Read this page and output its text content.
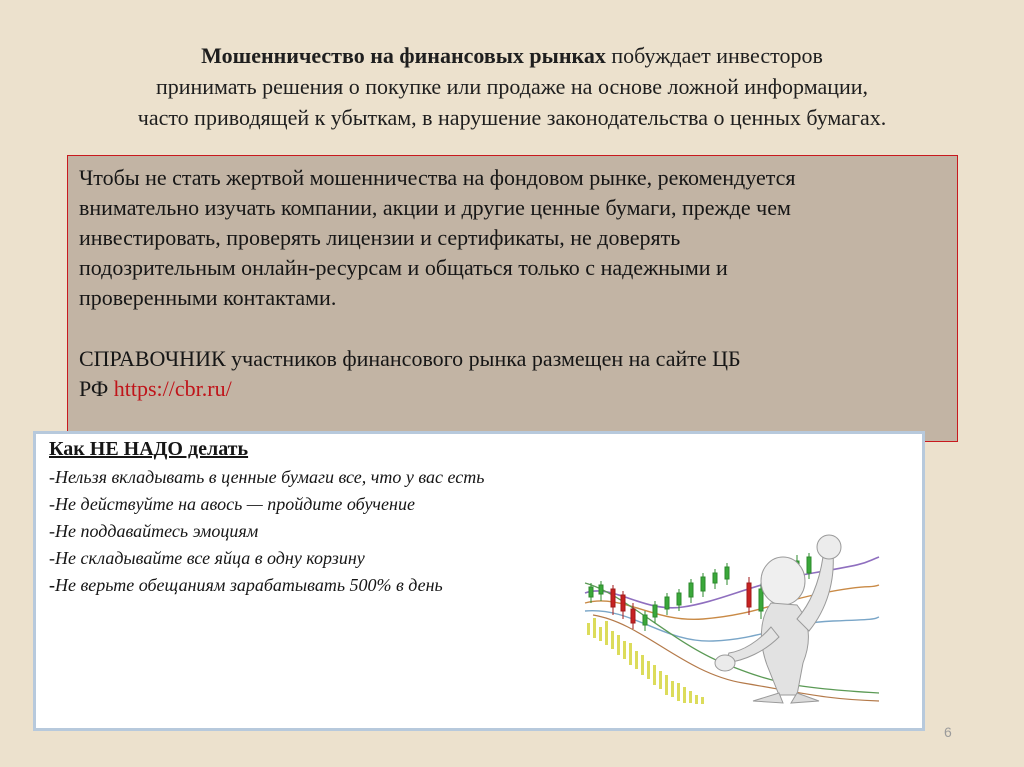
Мошенничество на финансовых рынках побуждает инвесторов
принимать решения о покупке или продаже на основе ложной информации,
часто приводящей к убыткам, в нарушение законодательства о ценных бумагах.

Чтобы не стать жертвой мошенничества на фондовом рынке, рекомендуется

внимательно изучать компании, акции и другие ценные бумаги, прежде чем

инвестировать, проверять лицензии и сертификаты, не доверять

подозрительным онлайн-ресурсам и общаться только с надежными и

проверенными контактами.

СПРАВОЧНИК участников финансового рынка размещен на сайте ЦБ

РФ https://cbr.ru/

Как НЕ НАДО делать
-Нельзя вкладывать в ценные бумаги все, что у вас есть
-Не действуйте на авось — пройдите обучение
-Не поддавайтесь эмоциям
-Не складывайте все яйца в одну корзину
-Не верьте обещаниям зарабатывать 500% в день
6
